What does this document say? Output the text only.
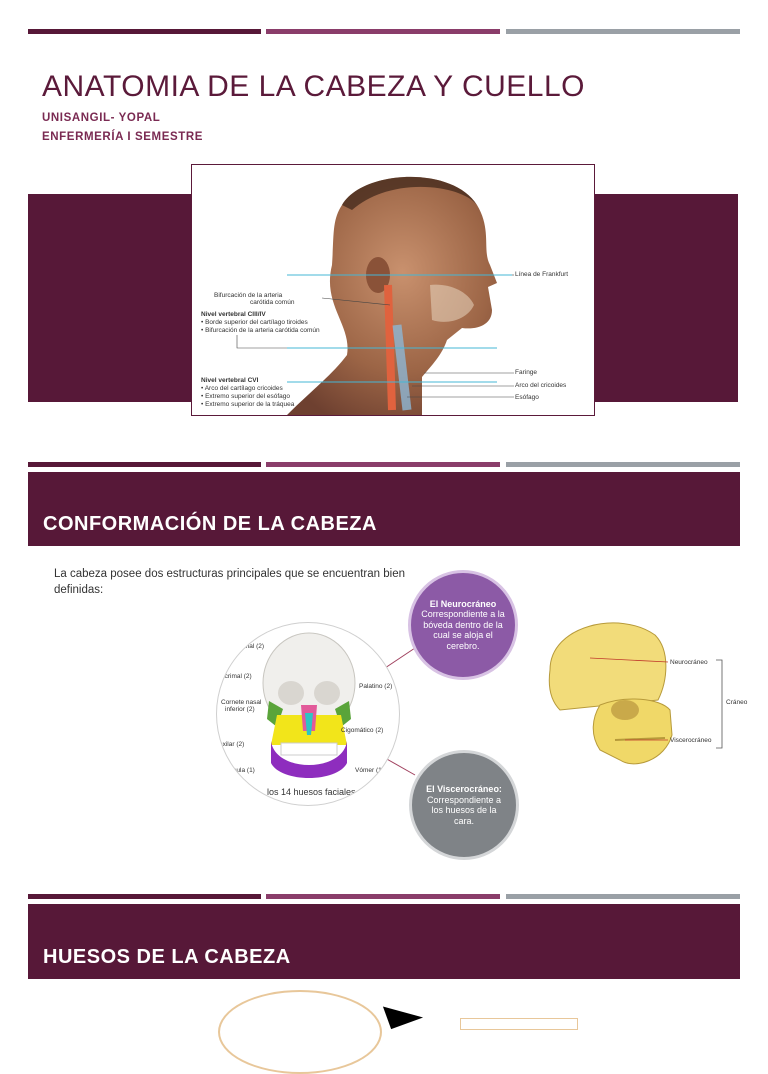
ANATOMIA DE LA CABEZA Y CUELLO
UNISANGIL- YOPAL
ENFERMERÍA I SEMESTRE
Línea de Frankfurt
Bifurcación de la arteria
carótida común
Nivel vertebral CIII/IV
• Borde superior del cartílago tiroides
• Bifurcación de la arteria carótida común
Faringe
Arco del cricoides
Esófago
Nivel vertebral CVI
• Arco del cartílago cricoides
• Extremo superior del esófago
• Extremo superior de la tráquea
CONFORMACIÓN DE LA CABEZA
La cabeza posee dos estructuras principales que se encuentran bien definidas:
agrimal (2)
acrimal (2)
Cornete nasal
inferior (2)
axilar (2)
íbula (1)
Palatino (2)
Cigomático (2)
Vómer (1)
los 14 huesos faciales
El Neurocráneo
Correspondiente a la bóveda dentro de la cual se aloja el cerebro.
El Viscerocráneo:
Correspondiente a los huesos de la cara.
Neurocráneo
Viscerocráneo
Cráneo
HUESOS DE LA CABEZA
